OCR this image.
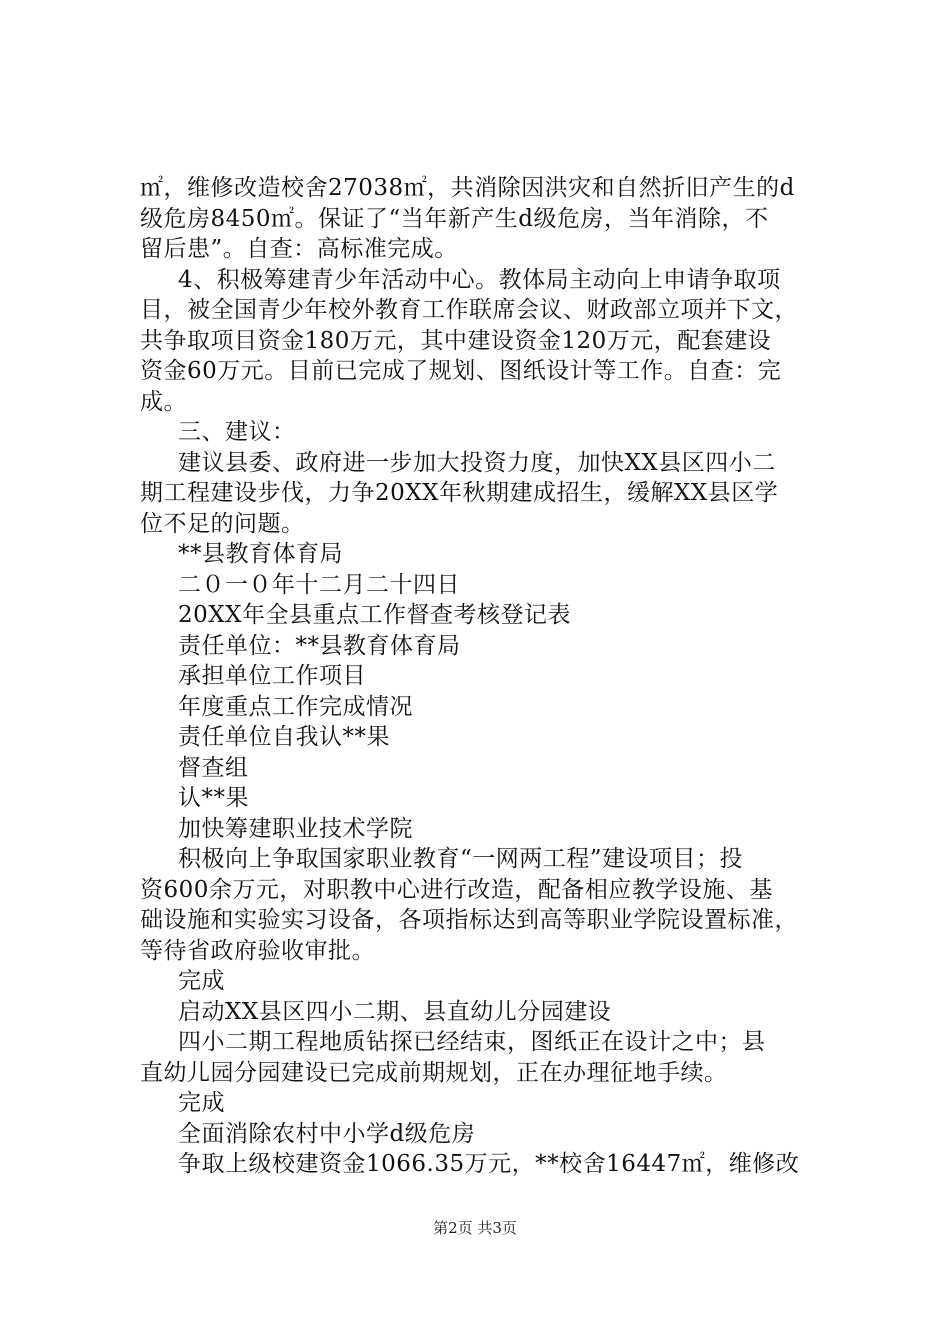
㎡，维修改造校舍27038㎡，共消除因洪灾和自然折旧产生的d

级危房8450㎡。保证了“当年新产生d级危房，当年消除，不

留后患”。自查：高标准完成。

4、积极筹建青少年活动中心。教体局主动向上申请争取项

目，被全国青少年校外教育工作联席会议、财政部立项并下文，

共争取项目资金180万元，其中建设资金120万元，配套建设

资金60万元。目前已完成了规划、图纸设计等工作。自查：完

成。

三、建议：

建议县委、政府进一步加大投资力度，加快XX县区四小二

期工程建设步伐，力争20XX年秋期建成招生，缓解XX县区学

位不足的问题。

**县教育体育局

二０一０年十二月二十四日

20XX年全县重点工作督查考核登记表

责任单位：**县教育体育局

承担单位工作项目

年度重点工作完成情况

责任单位自我认**果

督查组

认**果

加快筹建职业技术学院

积极向上争取国家职业教育“一网两工程”建设项目；投

资600余万元，对职教中心进行改造，配备相应教学设施、基

础设施和实验实习设备，各项指标达到高等职业学院设置标准，

等待省政府验收审批。

完成

启动XX县区四小二期、县直幼儿分园建设

四小二期工程地质钻探已经结束，图纸正在设计之中；县

直幼儿园分园建设已完成前期规划，正在办理征地手续。

完成

全面消除农村中小学d级危房

争取上级校建资金1066.35万元，**校舍16447㎡，维修改

第2页 共3页
